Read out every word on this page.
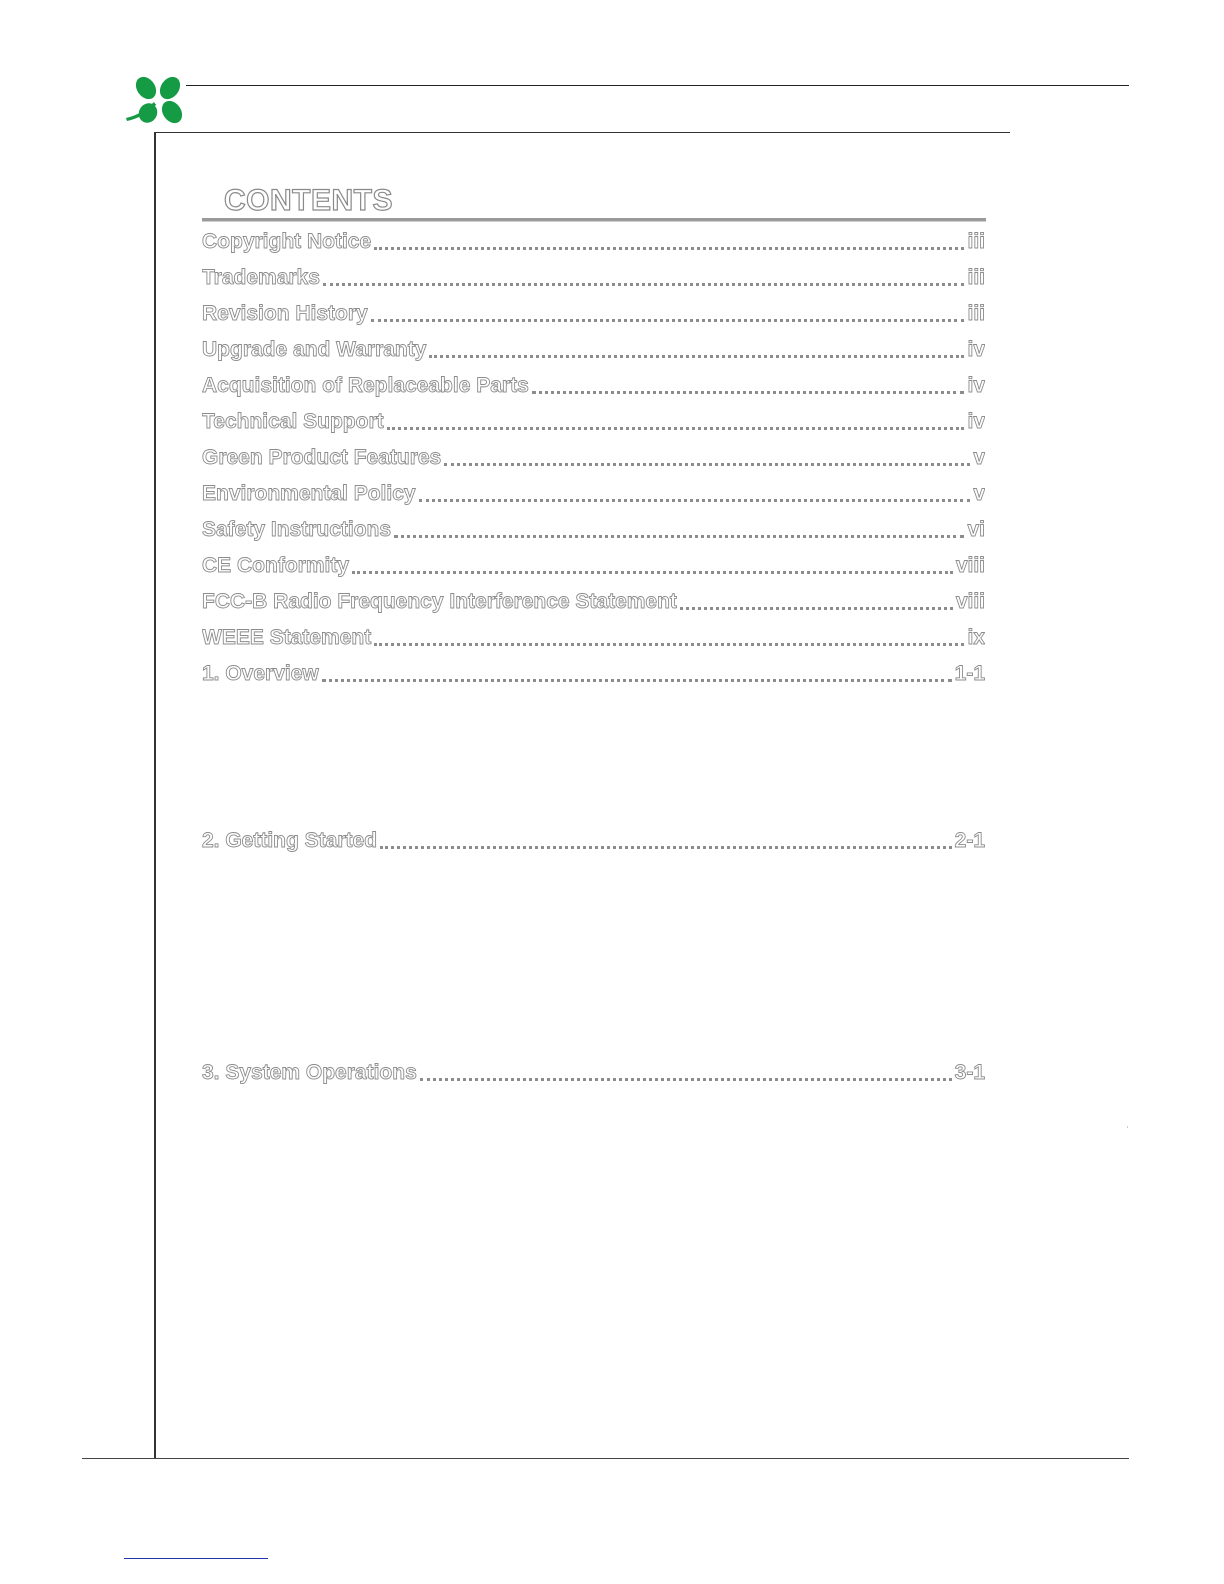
CONTENTS
Copyright Notice	iii
Trademarks	iii
Revision History	iii
Upgrade and Warranty	iv
Acquisition of Replaceable Parts	iv
Technical Support	iv
Green Product Features	v
Environmental Policy	v
Safety Instructions	vi
CE Conformity	viii
FCC-B Radio Frequency Interference Statement	viii
WEEE Statement	ix
1. Overview	1-1
2. Getting Started	2-1
3. System Operations	3-1
